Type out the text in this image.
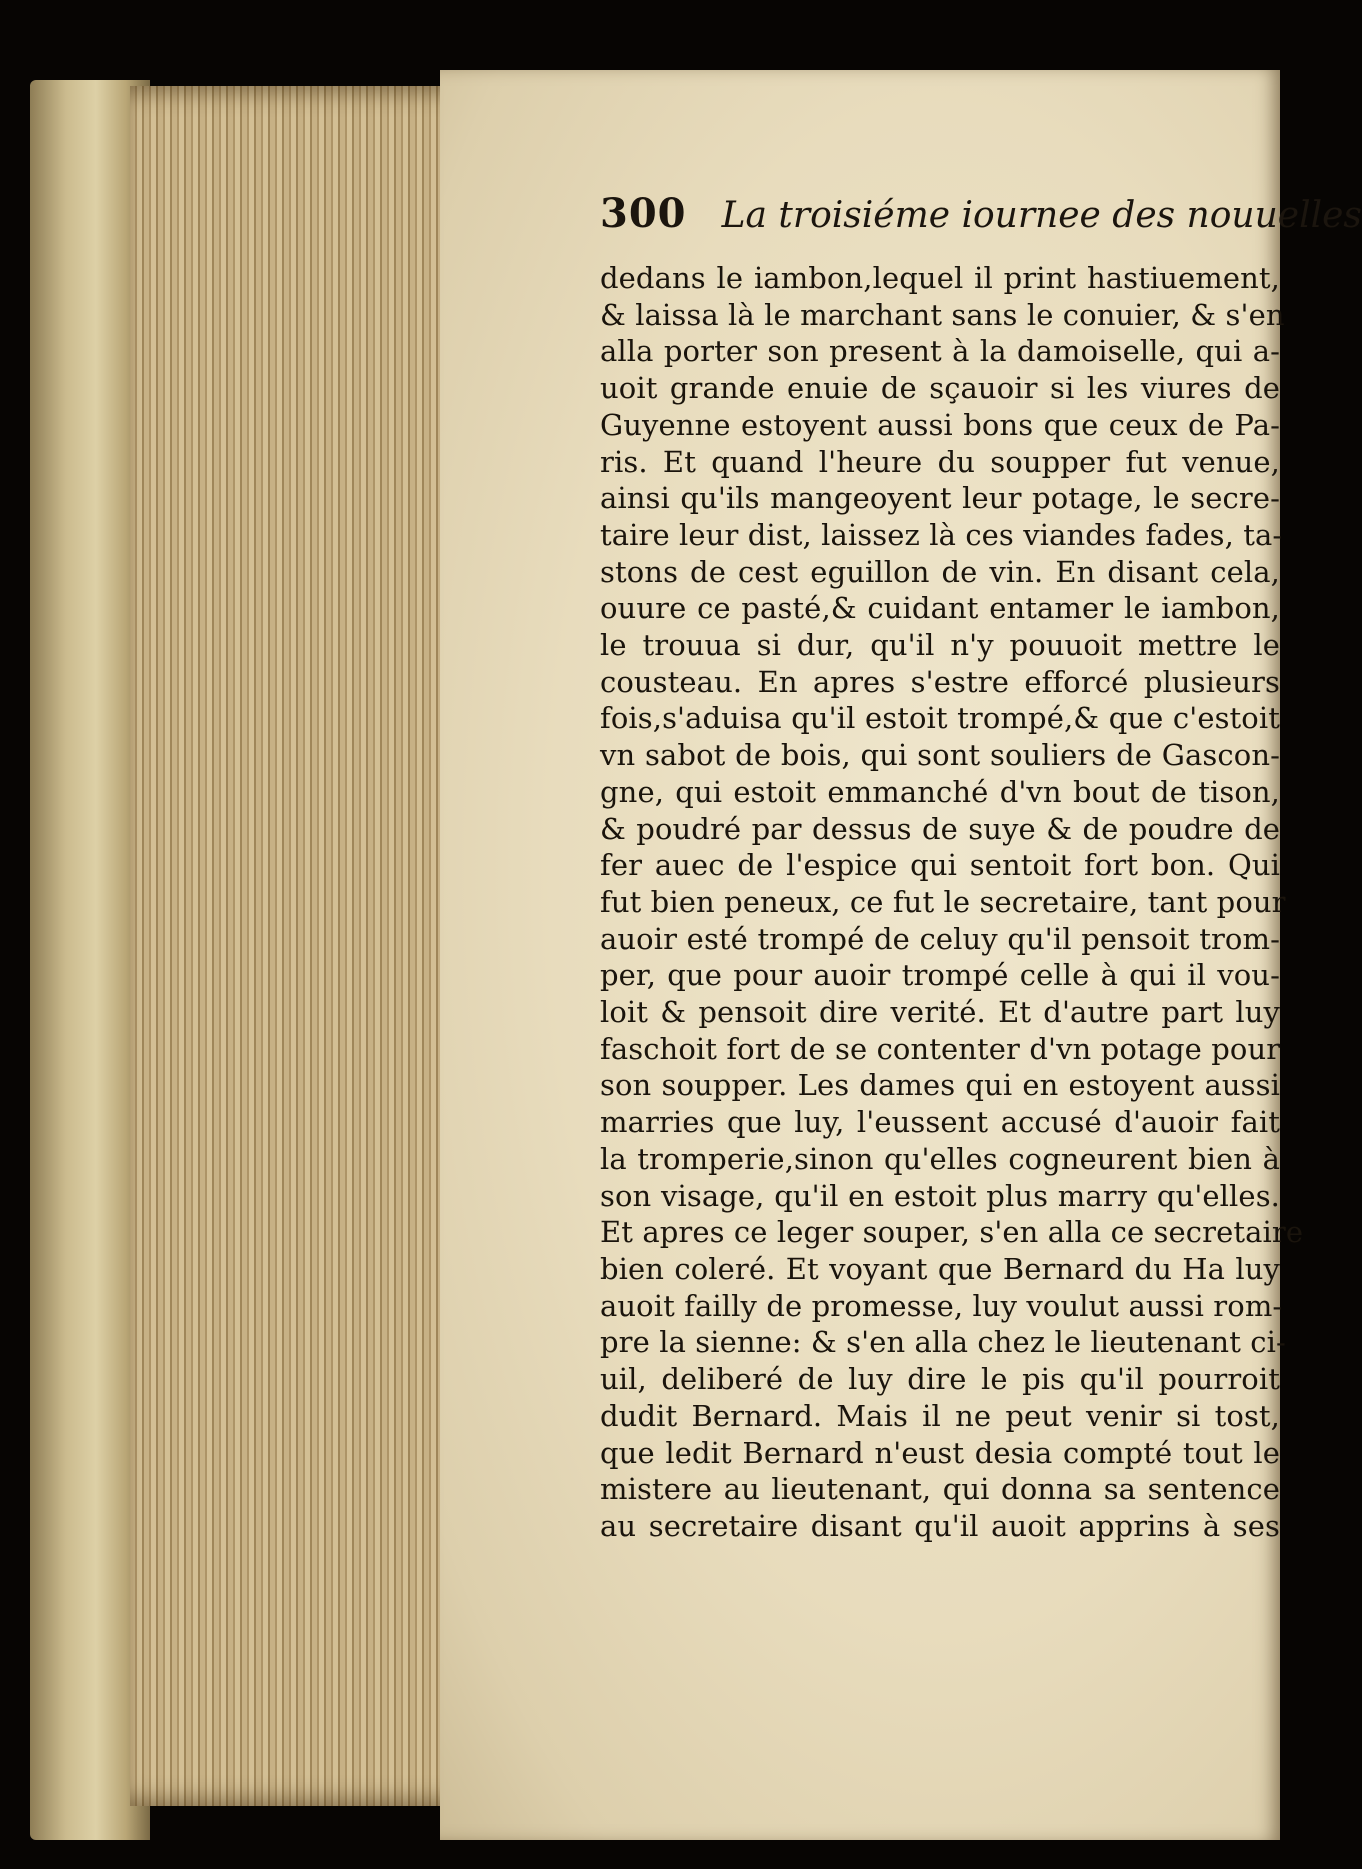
300 La troisiéme iournee des nouuelles
dedans le iambon,lequel il print hastiuement,
& laissa là le marchant sans le conuier, & s'en
alla porter son present à la damoiselle, qui a-
uoit grande enuie de sçauoir si les viures de
Guyenne estoyent aussi bons que ceux de Pa-
ris. Et quand l'heure du soupper fut venue,
ainsi qu'ils mangeoyent leur potage, le secre-
taire leur dist, laissez là ces viandes fades, ta-
stons de cest eguillon de vin. En disant cela,
ouure ce pasté,& cuidant entamer le iambon,
le trouua si dur, qu'il n'y pouuoit mettre le
cousteau. En apres s'estre efforcé plusieurs
fois,s'aduisa qu'il estoit trompé,& que c'estoit
vn sabot de bois, qui sont souliers de Gascon-
gne, qui estoit emmanché d'vn bout de tison,
& poudré par dessus de suye & de poudre de
fer auec de l'espice qui sentoit fort bon. Qui
fut bien peneux, ce fut le secretaire, tant pour
auoir esté trompé de celuy qu'il pensoit trom-
per, que pour auoir trompé celle à qui il vou-
loit & pensoit dire verité. Et d'autre part luy
faschoit fort de se contenter d'vn potage pour
son soupper. Les dames qui en estoyent aussi
marries que luy, l'eussent accusé d'auoir fait
la tromperie,sinon qu'elles cogneurent bien à
son visage, qu'il en estoit plus marry qu'elles.
Et apres ce leger souper, s'en alla ce secretaire
bien coleré. Et voyant que Bernard du Ha luy
auoit failly de promesse, luy voulut aussi rom-
pre la sienne: & s'en alla chez le lieutenant ci-
uil, deliberé de luy dire le pis qu'il pourroit
dudit Bernard. Mais il ne peut venir si tost,
que ledit Bernard n'eust desia compté tout le
mistere au lieutenant, qui donna sa sentence
au secretaire disant qu'il auoit apprins à ses
